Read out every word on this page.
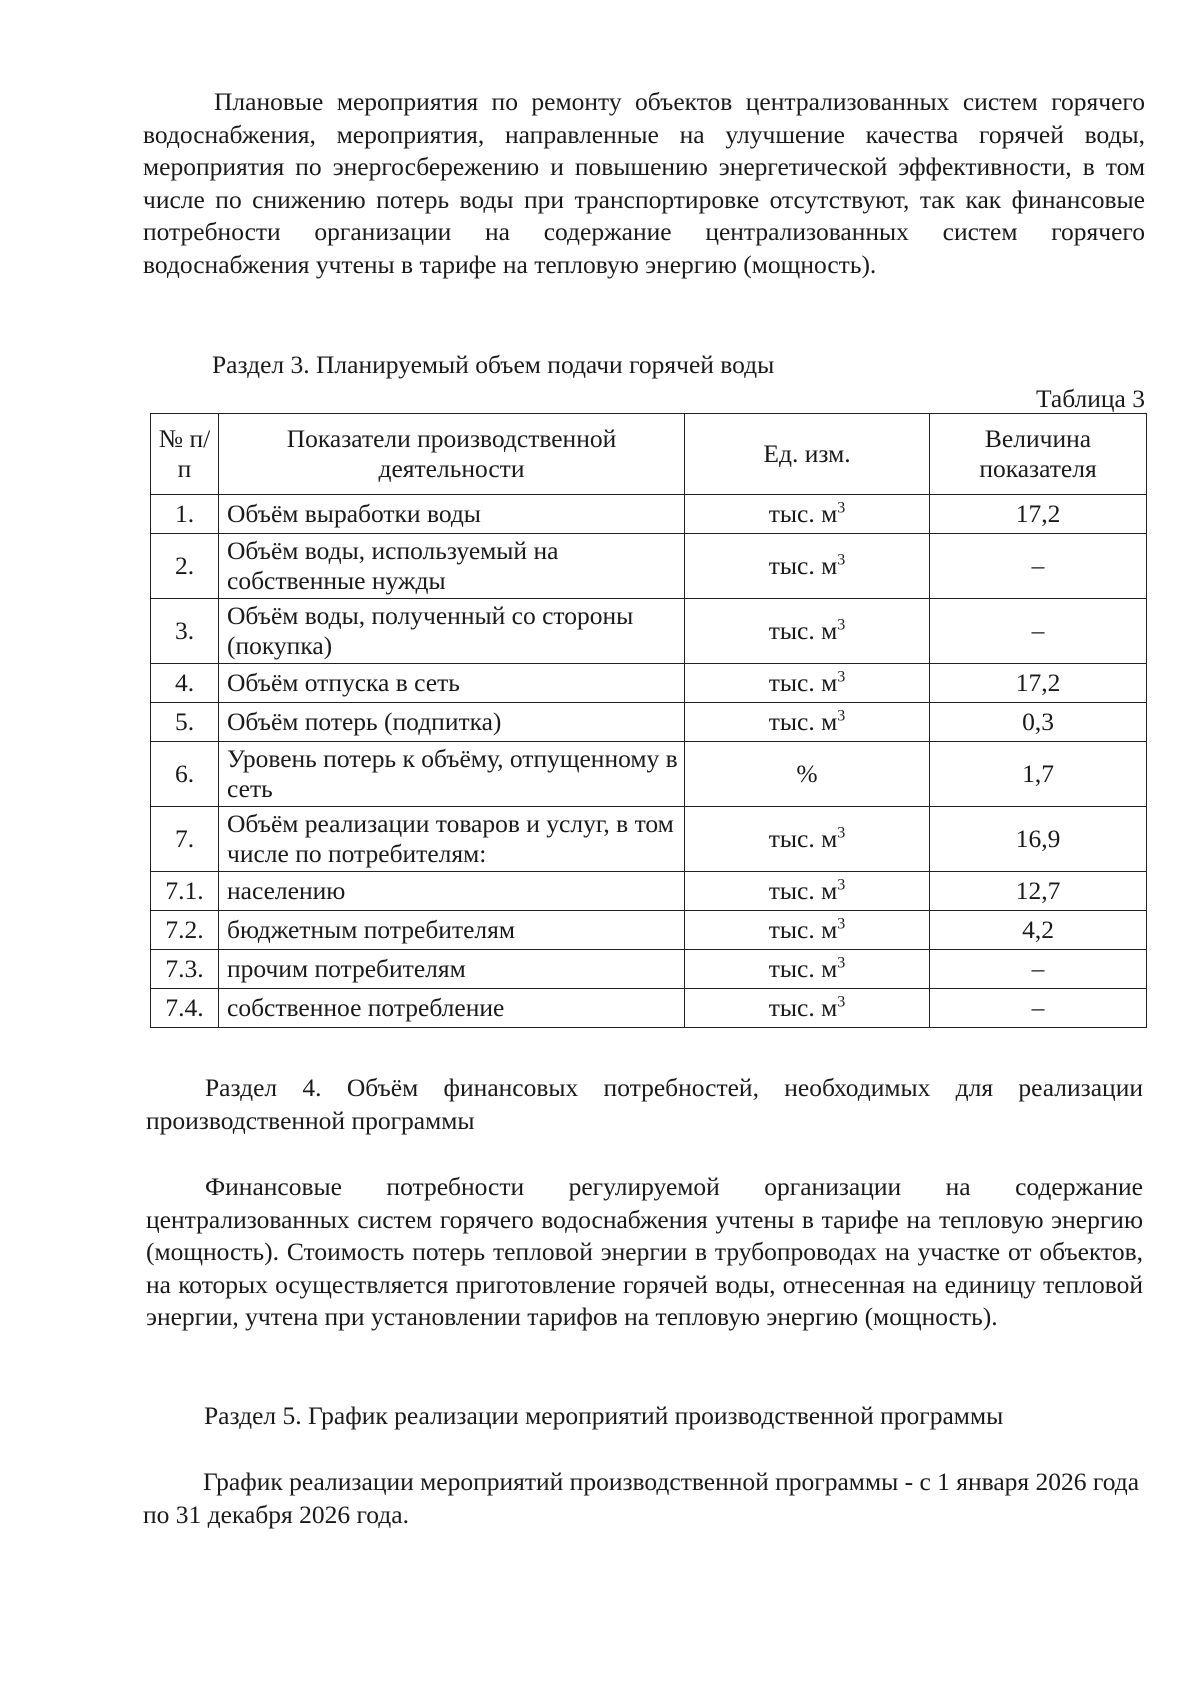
Плановые мероприятия по ремонту объектов централизованных систем горячего водоснабжения, мероприятия, направленные на улучшение качества горячей воды, мероприятия по энергосбережению и повышению энергетической эффективности, в том числе по снижению потерь воды при транспортировке отсутствуют, так как финансовые потребности организации на содержание централизованных систем горячего водоснабжения учтены в тарифе на тепловую энергию (мощность).

Раздел 3. Планируемый объем подачи горячей воды
Таблица 3
№ п/п	Показатели производственной деятельности	Ед. изм.	Величина показателя
1.	Объём выработки воды	тыс. $м^3$	17,2
2.	Объём воды, используемый на собственные нужды	тыс. $м^3$	–
3.	Объём воды, полученный со стороны (покупка)	тыс. $м^3$	–
4.	Объём отпуска в сеть	тыс. $м^3$	17,2
5.	Объём потерь (подпитка)	тыс. $м^3$	0,3
6.	Уровень потерь к объёму, отпущенному в сеть	%	1,7
7.	Объём реализации товаров и услуг, в том числе по потребителям:	тыс. $м^3$	16,9
7.1.	населению	тыс. $м^3$	12,7
7.2.	бюджетным потребителям	тыс. $м^3$	4,2
7.3.	прочим потребителям	тыс. $м^3$	–
7.4.	собственное потребление	тыс. $м^3$	–

Раздел 4. Объём финансовых потребностей, необходимых для реализации производственной программы

Финансовые потребности регулируемой организации на содержание централизованных систем горячего водоснабжения учтены в тарифе на тепловую энергию (мощность). Стоимость потерь тепловой энергии в трубопроводах на участке от объектов, на которых осуществляется приготовление горячей воды, отнесенная на единицу тепловой энергии, учтена при установлении тарифов на тепловую энергию (мощность).

Раздел 5. График реализации мероприятий производственной программы

График реализации мероприятий производственной программы - с 1 января 2026 года по 31 декабря 2026 года.
